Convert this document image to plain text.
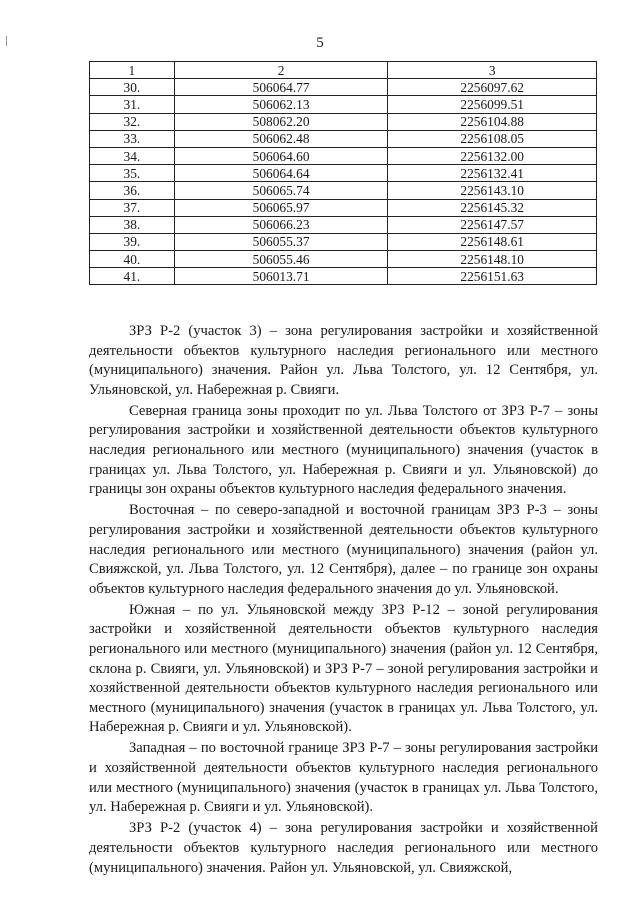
5
1	2	3
30.	506064.77	2256097.62
31.	506062.13	2256099.51
32.	508062.20	2256104.88
33.	506062.48	2256108.05
34.	506064.60	2256132.00
35.	506064.64	2256132.41
36.	506065.74	2256143.10
37.	506065.97	2256145.32
38.	506066.23	2256147.57
39.	506055.37	2256148.61
40.	506055.46	2256148.10
41.	506013.71	2256151.63

ЗРЗ Р-2 (участок 3) – зона регулирования застройки и хозяйственной деятельности объектов культурного наследия регионального или местного (муниципального) значения. Район ул. Льва Толстого, ул. 12 Сентября, ул. Ульяновской, ул. Набережная р. Свияги.

Северная граница зоны проходит по ул. Льва Толстого от ЗРЗ Р-7 – зоны регулирования застройки и хозяйственной деятельности объектов культурного наследия регионального или местного (муниципального) значения (участок в границах ул. Льва Толстого, ул. Набережная р. Свияги и ул. Ульяновской) до границы зон охраны объектов культурного наследия федерального значения.

Восточная – по северо-западной и восточной границам ЗРЗ Р-3 – зоны регулирования застройки и хозяйственной деятельности объектов культурного наследия регионального или местного (муниципального) значения (район ул. Свияжской, ул. Льва Толстого, ул. 12 Сентября), далее – по границе зон охраны объектов культурного наследия федерального значения до ул. Ульяновской.

Южная – по ул. Ульяновской между ЗРЗ Р-12 – зоной регулирования застройки и хозяйственной деятельности объектов культурного наследия регионального или местного (муниципального) значения (район ул. 12 Сентября, склона р. Свияги, ул. Ульяновской) и ЗРЗ Р-7 – зоной регулирования застройки и хозяйственной деятельности объектов культурного наследия регионального или местного (муниципального) значения (участок в границах ул. Льва Толстого, ул. Набережная р. Свияги и ул. Ульяновской).

Западная – по восточной границе ЗРЗ Р-7 – зоны регулирования застройки и хозяйственной деятельности объектов культурного наследия регионального или местного (муниципального) значения (участок в границах ул. Льва Толстого, ул. Набережная р. Свияги и ул. Ульяновской).

ЗРЗ Р-2 (участок 4) – зона регулирования застройки и хозяйственной деятельности объектов культурного наследия регионального или местного (муниципального) значения. Район ул. Ульяновской, ул. Свияжской,
